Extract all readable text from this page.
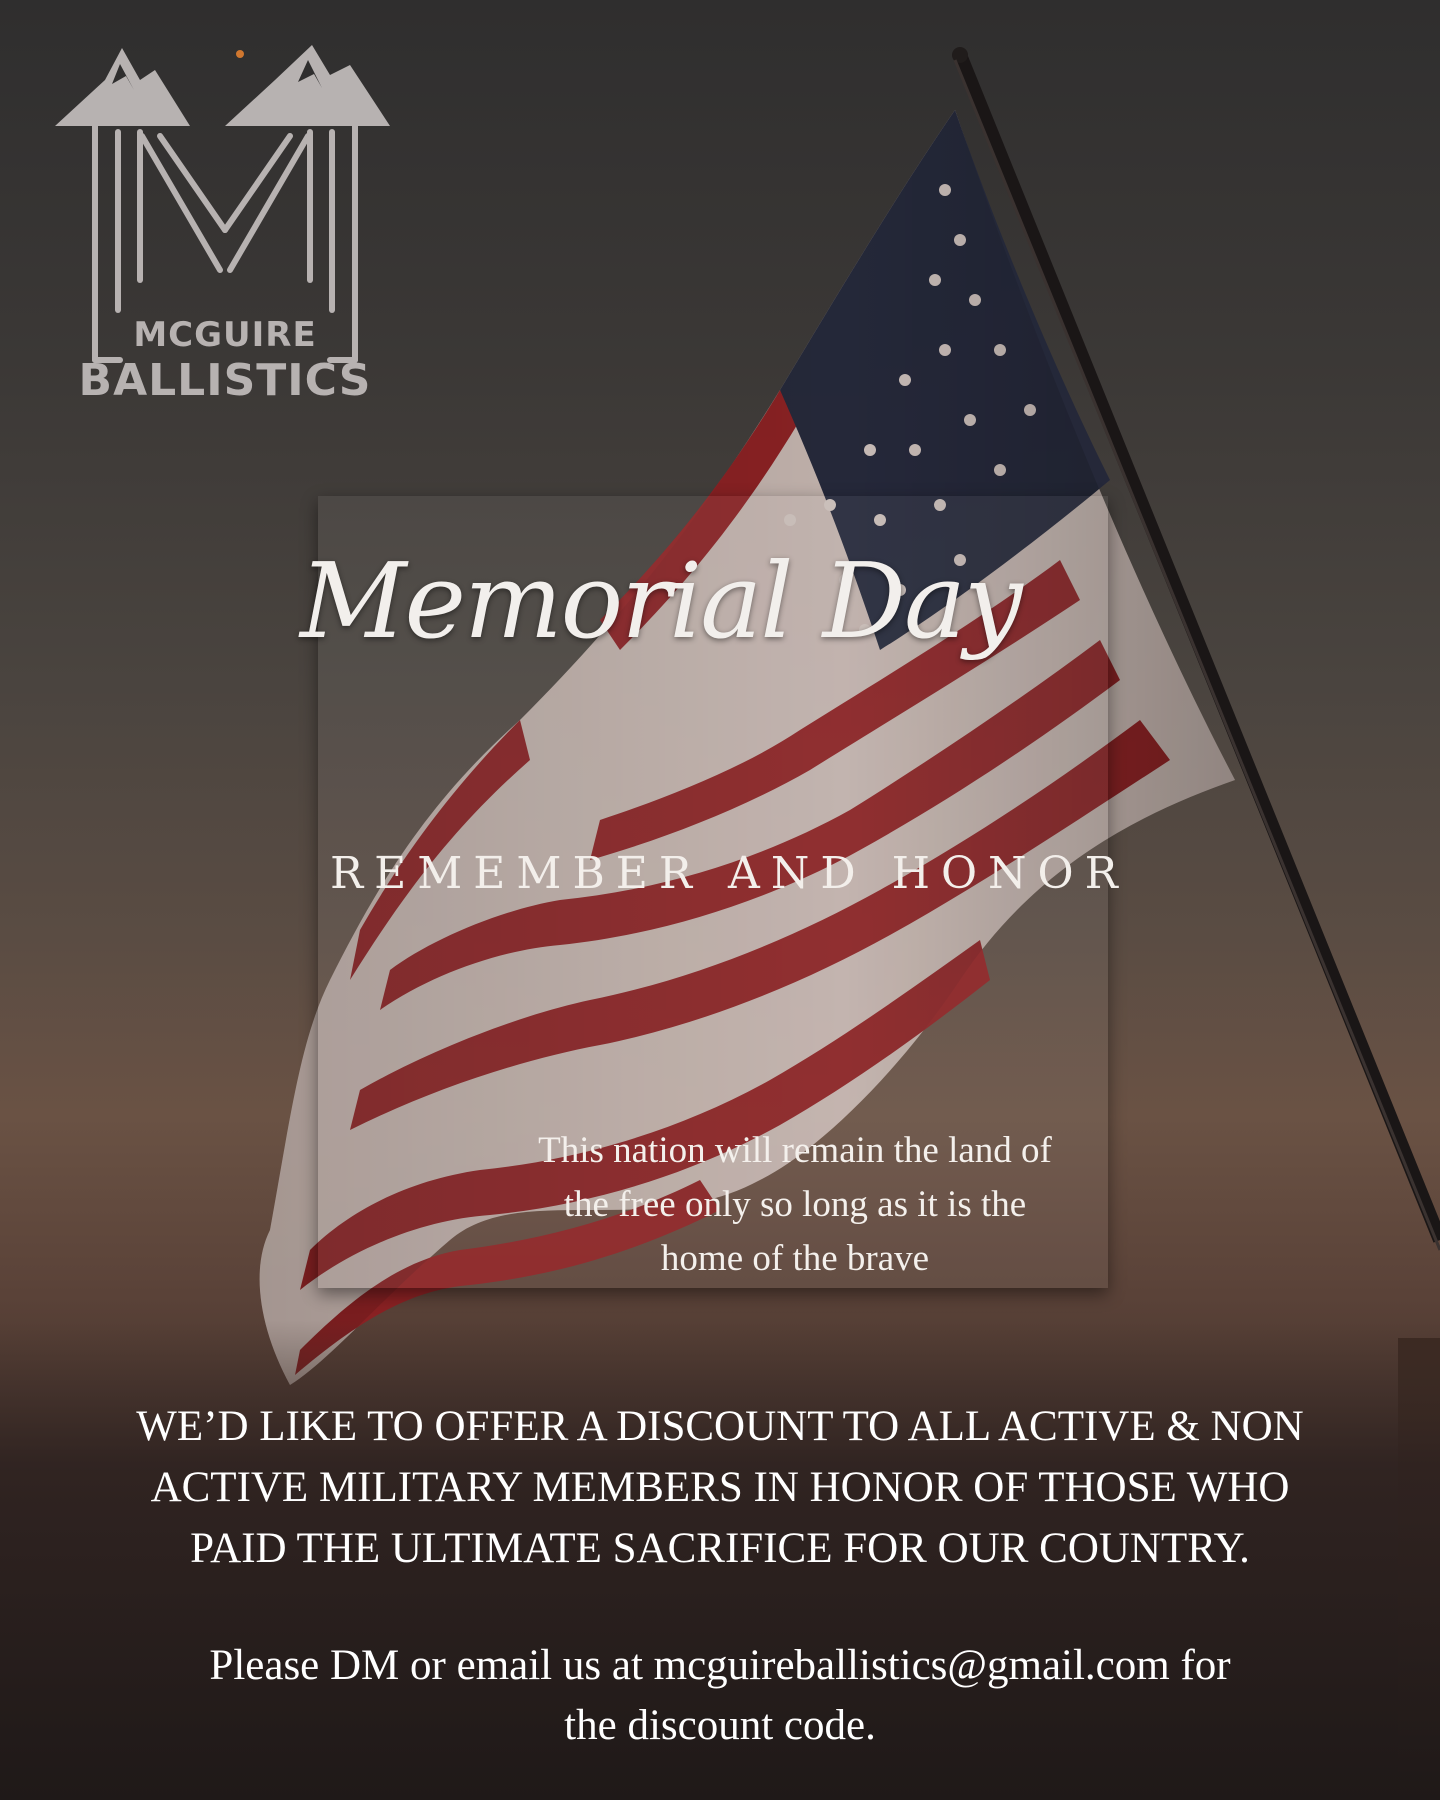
MCGUIRE
BALLISTICS
Memorial Day
REMEMBER AND HONOR
This nation will remain the land of
the free only so long as it is the
home of the brave
WE’D LIKE TO OFFER A DISCOUNT TO ALL ACTIVE & NON
ACTIVE MILITARY MEMBERS IN HONOR OF THOSE WHO
PAID THE ULTIMATE SACRIFICE FOR OUR COUNTRY.
Please DM or email us at mcguireballistics@gmail.com for
the discount code.
